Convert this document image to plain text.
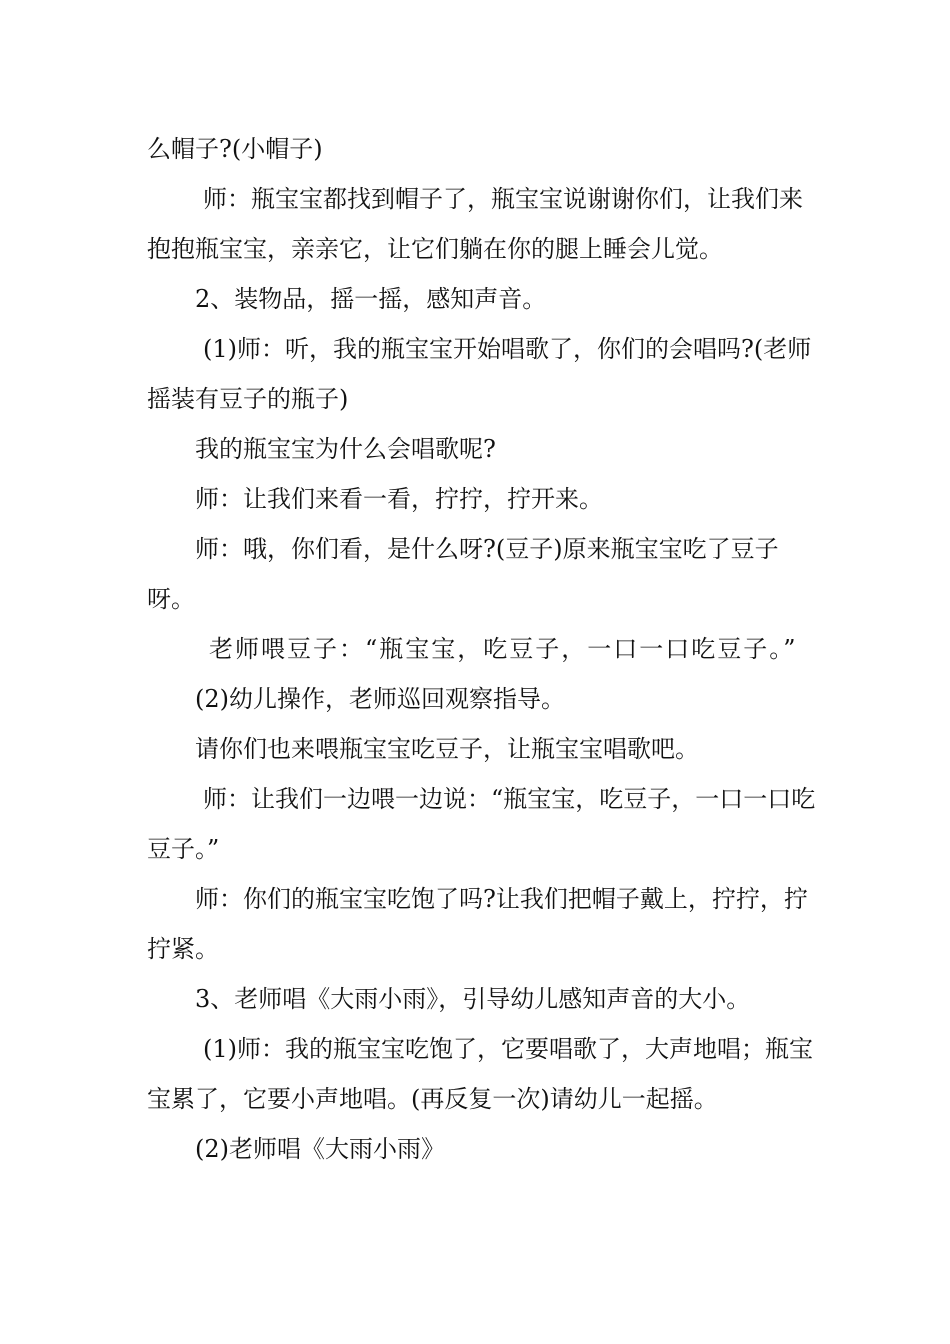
么帽子?(小帽子)

师：瓶宝宝都找到帽子了，瓶宝宝说谢谢你们，让我们来抱抱瓶宝宝，亲亲它，让它们躺在你的腿上睡会儿觉。

2、装物品，摇一摇，感知声音。

(1)师：听，我的瓶宝宝开始唱歌了，你们的会唱吗?(老师摇装有豆子的瓶子)

我的瓶宝宝为什么会唱歌呢?

师：让我们来看一看，拧拧，拧开来。

师：哦，你们看，是什么呀?(豆子)原来瓶宝宝吃了豆子呀。

老师喂豆子：“瓶宝宝，吃豆子，一口一口吃豆子。”

(2)幼儿操作，老师巡回观察指导。

请你们也来喂瓶宝宝吃豆子，让瓶宝宝唱歌吧。

师：让我们一边喂一边说：“瓶宝宝，吃豆子，一口一口吃豆子。”

师：你们的瓶宝宝吃饱了吗?让我们把帽子戴上，拧拧，拧拧紧。

3、老师唱《大雨小雨》，引导幼儿感知声音的大小。

(1)师：我的瓶宝宝吃饱了，它要唱歌了，大声地唱；瓶宝宝累了，它要小声地唱。(再反复一次)请幼儿一起摇。

(2)老师唱《大雨小雨》
